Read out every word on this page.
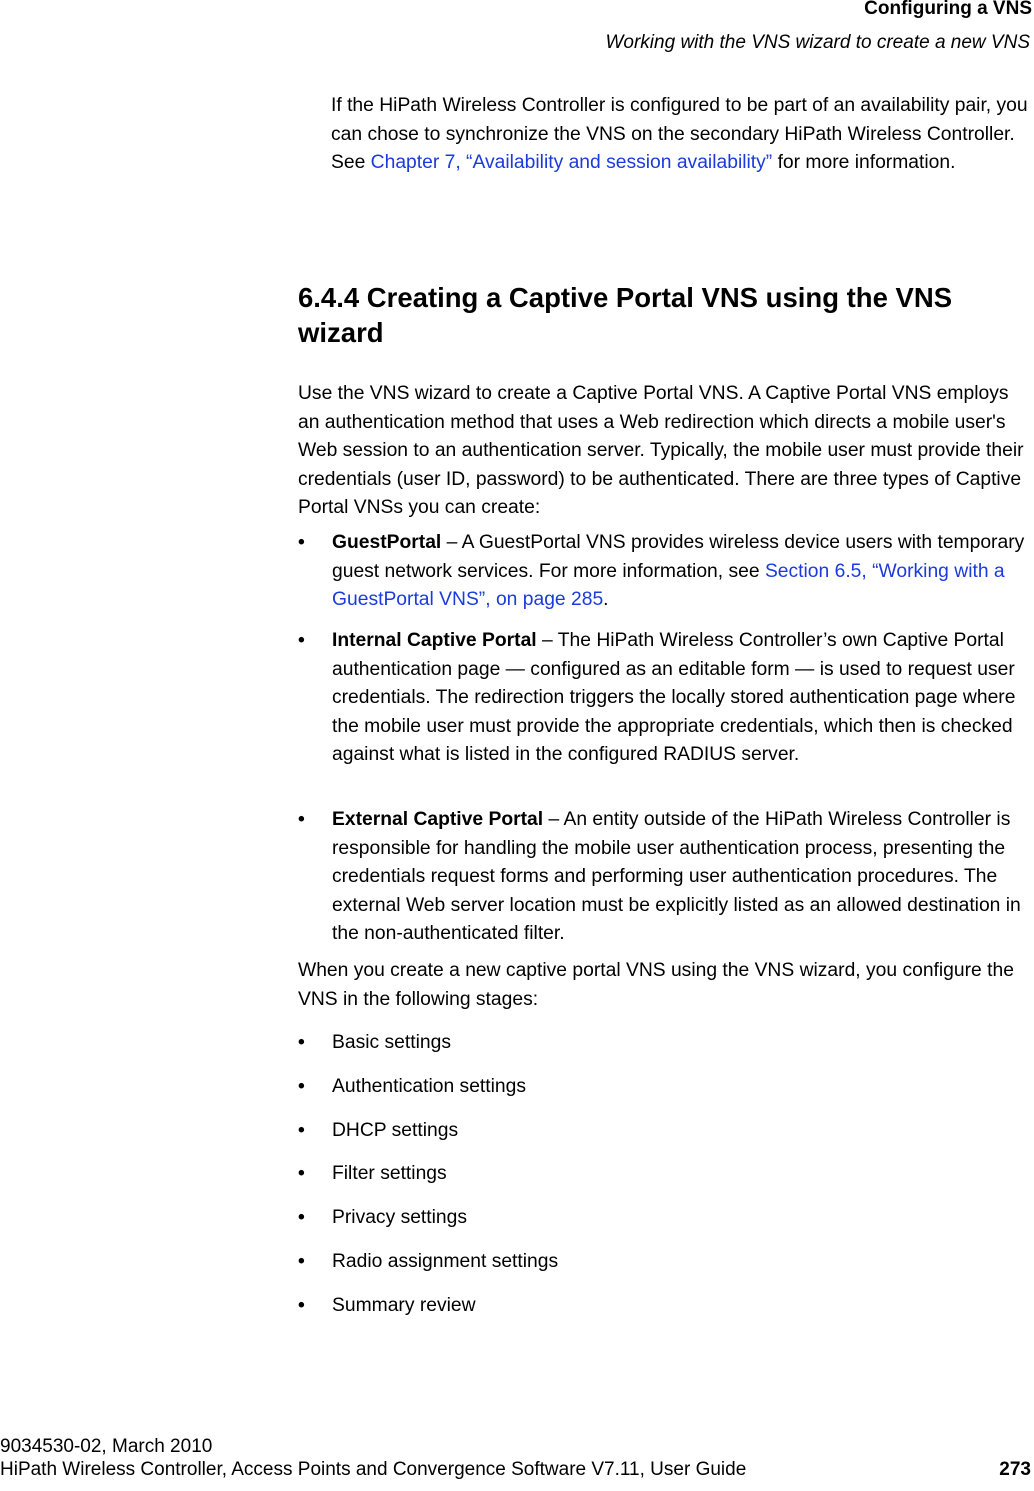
Configuring a VNS
Working with the VNS wizard to create a new VNS

If the HiPath Wireless Controller is configured to be part of an availability pair, you can chose to synchronize the VNS on the secondary HiPath Wireless Controller. See Chapter 7, “Availability and session availability” for more information.

6.4.4 Creating a Captive Portal VNS using the VNS wizard

Use the VNS wizard to create a Captive Portal VNS. A Captive Portal VNS employs an authentication method that uses a Web redirection which directs a mobile user's Web session to an authentication server. Typically, the mobile user must provide their credentials (user ID, password) to be authenticated. There are three types of Captive Portal VNSs you can create:

•	GuestPortal – A GuestPortal VNS provides wireless device users with temporary guest network services. For more information, see Section 6.5, “Working with a GuestPortal VNS”, on page 285.
•	Internal Captive Portal – The HiPath Wireless Controller’s own Captive Portal authentication page — configured as an editable form — is used to request user credentials. The redirection triggers the locally stored authentication page where the mobile user must provide the appropriate credentials, which then is checked against what is listed in the configured RADIUS server.
•	External Captive Portal – An entity outside of the HiPath Wireless Controller is responsible for handling the mobile user authentication process, presenting the credentials request forms and performing user authentication procedures. The external Web server location must be explicitly listed as an allowed destination in the non-authenticated filter.

When you create a new captive portal VNS using the VNS wizard, you configure the VNS in the following stages:

• Basic settings
• Authentication settings
• DHCP settings
• Filter settings
• Privacy settings
• Radio assignment settings
• Summary review
9034530-02, March 2010
HiPath Wireless Controller, Access Points and Convergence Software V7.11, User Guide	273
